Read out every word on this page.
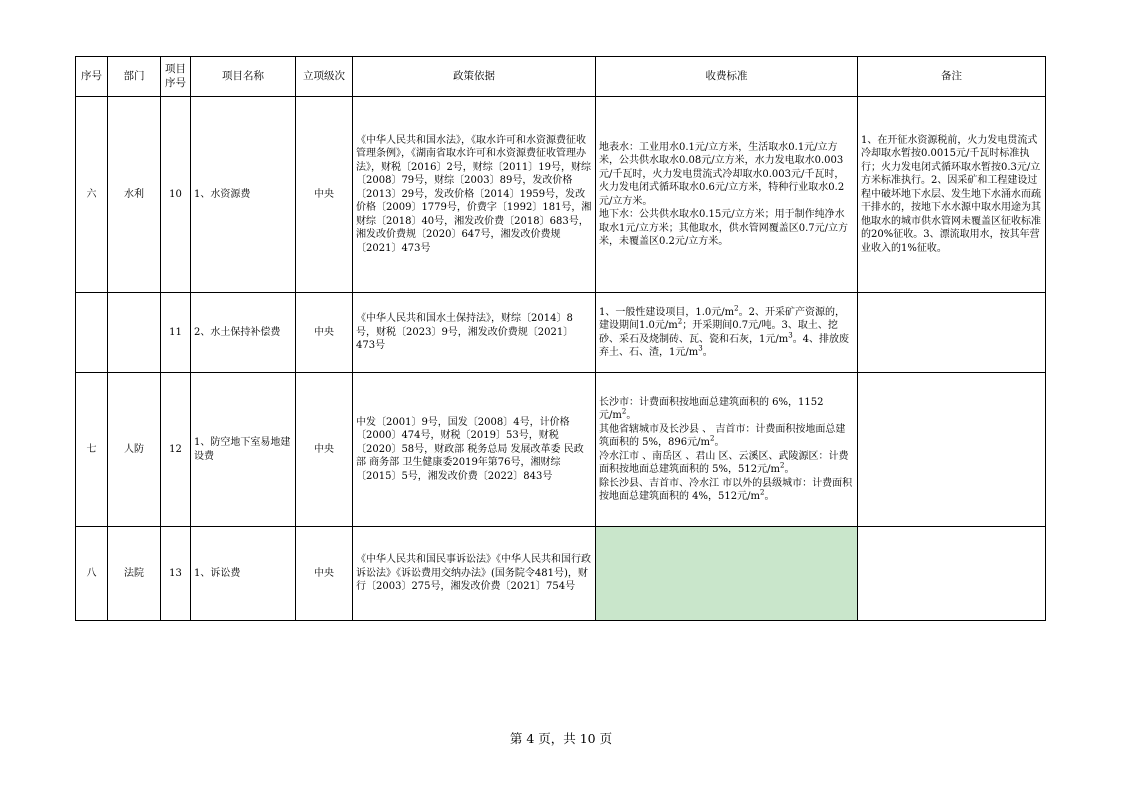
序号	部门	项目序号	项目名称	立项级次	政策依据	收费标准	备注
六	水利	10	1、水资源费	中央	《中华人民共和国水法》，《取水许可和水资源费征收管理条例》，《湖南省取水许可和水资源费征收管理办法》，财税〔2016〕2号，财综〔2011〕19号，财综〔2008〕79号，财综〔2003〕89号，发改价格〔2013〕29号，发改价格〔2014〕1959号，发改价格〔2009〕1779号，价费字〔1992〕181号，湘财综〔2018〕40号，湘发改价费〔2018〕683号，湘发改价费规〔2020〕647号，湘发改价费规〔2021〕473号	地表水：工业用水0.1元/立方米，生活取水0.1元/立方米，公共供水取水0.08元/立方米，水力发电取水0.003元/千瓦时，火力发电贯流式冷却取水0.003元/千瓦时，火力发电闭式循环取水0.6元/立方米，特种行业取水0.2元/立方米。
地下水：公共供水取水0.15元/立方米；用于制作纯净水取水1元/立方米；其他取水，供水管网覆盖区0.7元/立方米，未覆盖区0.2元/立方米。	1、在开征水资源税前，火力发电贯流式冷却取水暂按0.0015元/千瓦时标准执行；火力发电闭式循环取水暂按0.3元/立方米标准执行。2、因采矿和工程建设过程中破坏地下水层、发生地下水涌水而疏干排水的，按地下水水源中取水用途为其他取水的城市供水管网未覆盖区征收标准的20%征收。3、漂流取用水，按其年营业收入的1%征收。
		11	2、水土保持补偿费	中央	《中华人民共和国水土保持法》，财综〔2014〕8号，财税〔2023〕9号，湘发改价费规〔2021〕473号	1、一般性建设项目，1.0元$/m^2$。2、开采矿产资源的，建设期间1.0元$/m^2$；开采期间0.7元/吨。3、取土、挖砂、采石及烧制砖、瓦、瓷和石灰，1元$/m^3$。4、排放废弃土、石、渣，1元$/m^3$。	
七	人防	12	1、防空地下室易地建设费	中央	中发〔2001〕9号，国发〔2008〕4号，计价格〔2000〕474号，财税〔2019〕53号，财税〔2020〕58号，财政部 税务总局 发展改革委 民政部 商务部 卫生健康委2019年第76号，湘财综〔2015〕5号，湘发改价费〔2022〕843号	长沙市：计费面积按地面总建筑面积的 6%，1152元$/m^2$。
其他省辖城市及长沙县 、 吉首市：计费面积按地面总建筑面积的 5%，896元$/m^2$。
冷水江市 、南岳区 、君山 区、云溪区、武陵源区：计费面积按地面总建筑面积的 5%，512元$/m^2$。
除长沙县、吉首市、冷水江 市以外的县级城市：计费面积按地面总建筑面积的 4%，512元$/m^2$。	
八	法院	13	1、诉讼费	中央	《中华人民共和国民事诉讼法》《中华人民共和国行政诉讼法》《诉讼费用交纳办法》(国务院令481号)，财行〔2003〕275号，湘发改价费〔2021〕754号		
第 4 页，共 10 页
